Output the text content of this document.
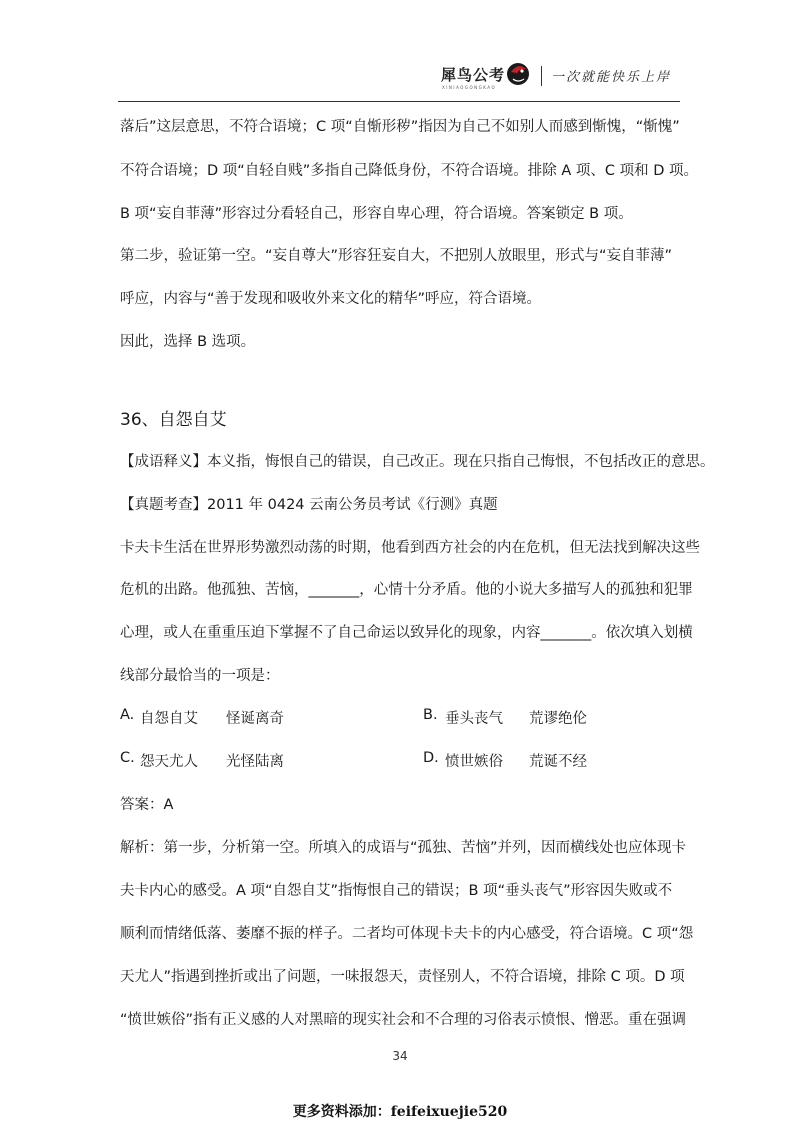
犀鸟公考
XINIAOGONGKAO
一次就能快乐上岸
落后”这层意思，不符合语境；C 项“自惭形秽”指因为自己不如别人而感到惭愧，“惭愧”
不符合语境；D 项“自轻自贱”多指自己降低身份，不符合语境。排除 A 项、C 项和 D 项。
B 项“妄自菲薄”形容过分看轻自己，形容自卑心理，符合语境。答案锁定 B 项。
第二步，验证第一空。“妄自尊大”形容狂妄自大，不把别人放眼里，形式与“妄自菲薄”
呼应，内容与“善于发现和吸收外来文化的精华”呼应，符合语境。
因此，选择 B 选项。
36、自怨自艾
【成语释义】本义指，悔恨自己的错误，自己改正。现在只指自己悔恨，不包括改正的意思。
【真题考查】2011 年 0424 云南公务员考试《行测》真题
卡夫卡生活在世界形势激烈动荡的时期，他看到西方社会的内在危机，但无法找到解决这些
危机的出路。他孤独、苦恼，_______，心情十分矛盾。他的小说大多描写人的孤独和犯罪
心理，或人在重重压迫下掌握不了自己命运以致异化的现象，内容_______。依次填入划横
线部分最恰当的一项是：
A. 自怨自艾 怪诞离奇	B. 垂头丧气 荒谬绝伦
C. 怨天尤人 光怪陆离	D. 愤世嫉俗 荒诞不经
答案：A
解析：第一步，分析第一空。所填入的成语与“孤独、苦恼”并列，因而横线处也应体现卡
夫卡内心的感受。A 项“自怨自艾”指悔恨自己的错误；B 项“垂头丧气”形容因失败或不
顺利而情绪低落、萎靡不振的样子。二者均可体现卡夫卡的内心感受，符合语境。C 项“怨
天尤人”指遇到挫折或出了问题，一味报怨天，责怪别人，不符合语境，排除 C 项。D 项
“愤世嫉俗”指有正义感的人对黑暗的现实社会和不合理的习俗表示愤恨、憎恶。重在强调
34
更多资料添加：feifeixuejie520
